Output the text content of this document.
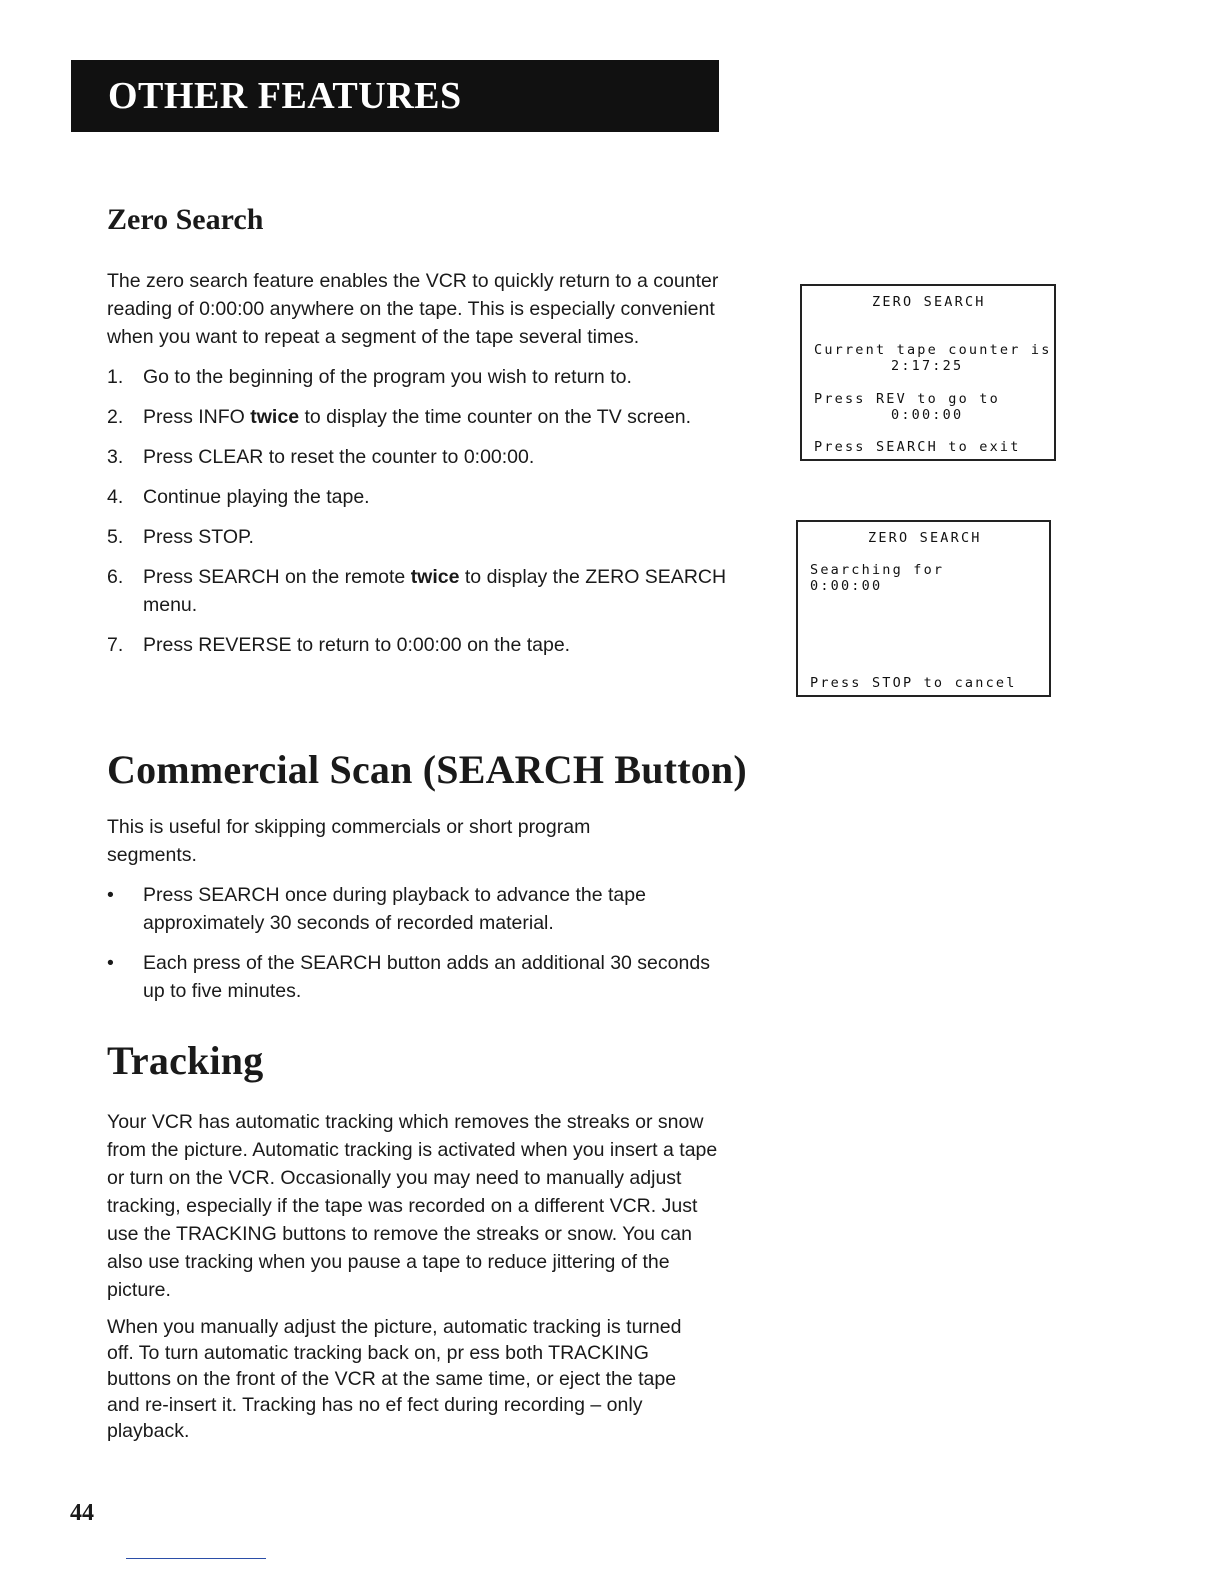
OTHER FEATURES
Zero Search

The zero search feature enables the VCR to quickly return to a counter reading of 0:00:00 anywhere on the tape. This is especially convenient when you want to repeat a segment of the tape several times.

1. Go to the beginning of the program you wish to return to.
2. Press INFO twice to display the time counter on the TV screen.
3. Press CLEAR to reset the counter to 0:00:00.
4. Continue playing the tape.
5. Press STOP.
6. Press SEARCH on the remote twice to display the ZERO SEARCH menu.
7. Press REVERSE to return to 0:00:00 on the tape.
ZERO SEARCH
Current tape counter is
2:17:25
Press REV to go to
0:00:00
Press SEARCH to exit
ZERO SEARCH
Searching for
0:00:00
Press STOP to cancel
Commercial Scan (SEARCH Button)

This is useful for skipping commercials or short program segments.

• Press SEARCH once during playback to advance the tape approximately 30 seconds of recorded material.
• Each press of the SEARCH button adds an additional 30 seconds up to five minutes.
Tracking

Your VCR has automatic tracking which removes the streaks or snow from the picture. Automatic tracking is activated when you insert a tape or turn on the VCR. Occasionally you may need to manually adjust tracking, especially if the tape was recorded on a different VCR. Just use the TRACKING buttons to remove the streaks or snow. You can also use tracking when you pause a tape to reduce jittering of the picture.

When you manually adjust the picture, automatic tracking is turned off. To turn automatic tracking back on, pr ess both TRACKING buttons on the front of the VCR at the same time, or eject the tape and re-insert it. Tracking has no ef fect during recording – only playback.

44
